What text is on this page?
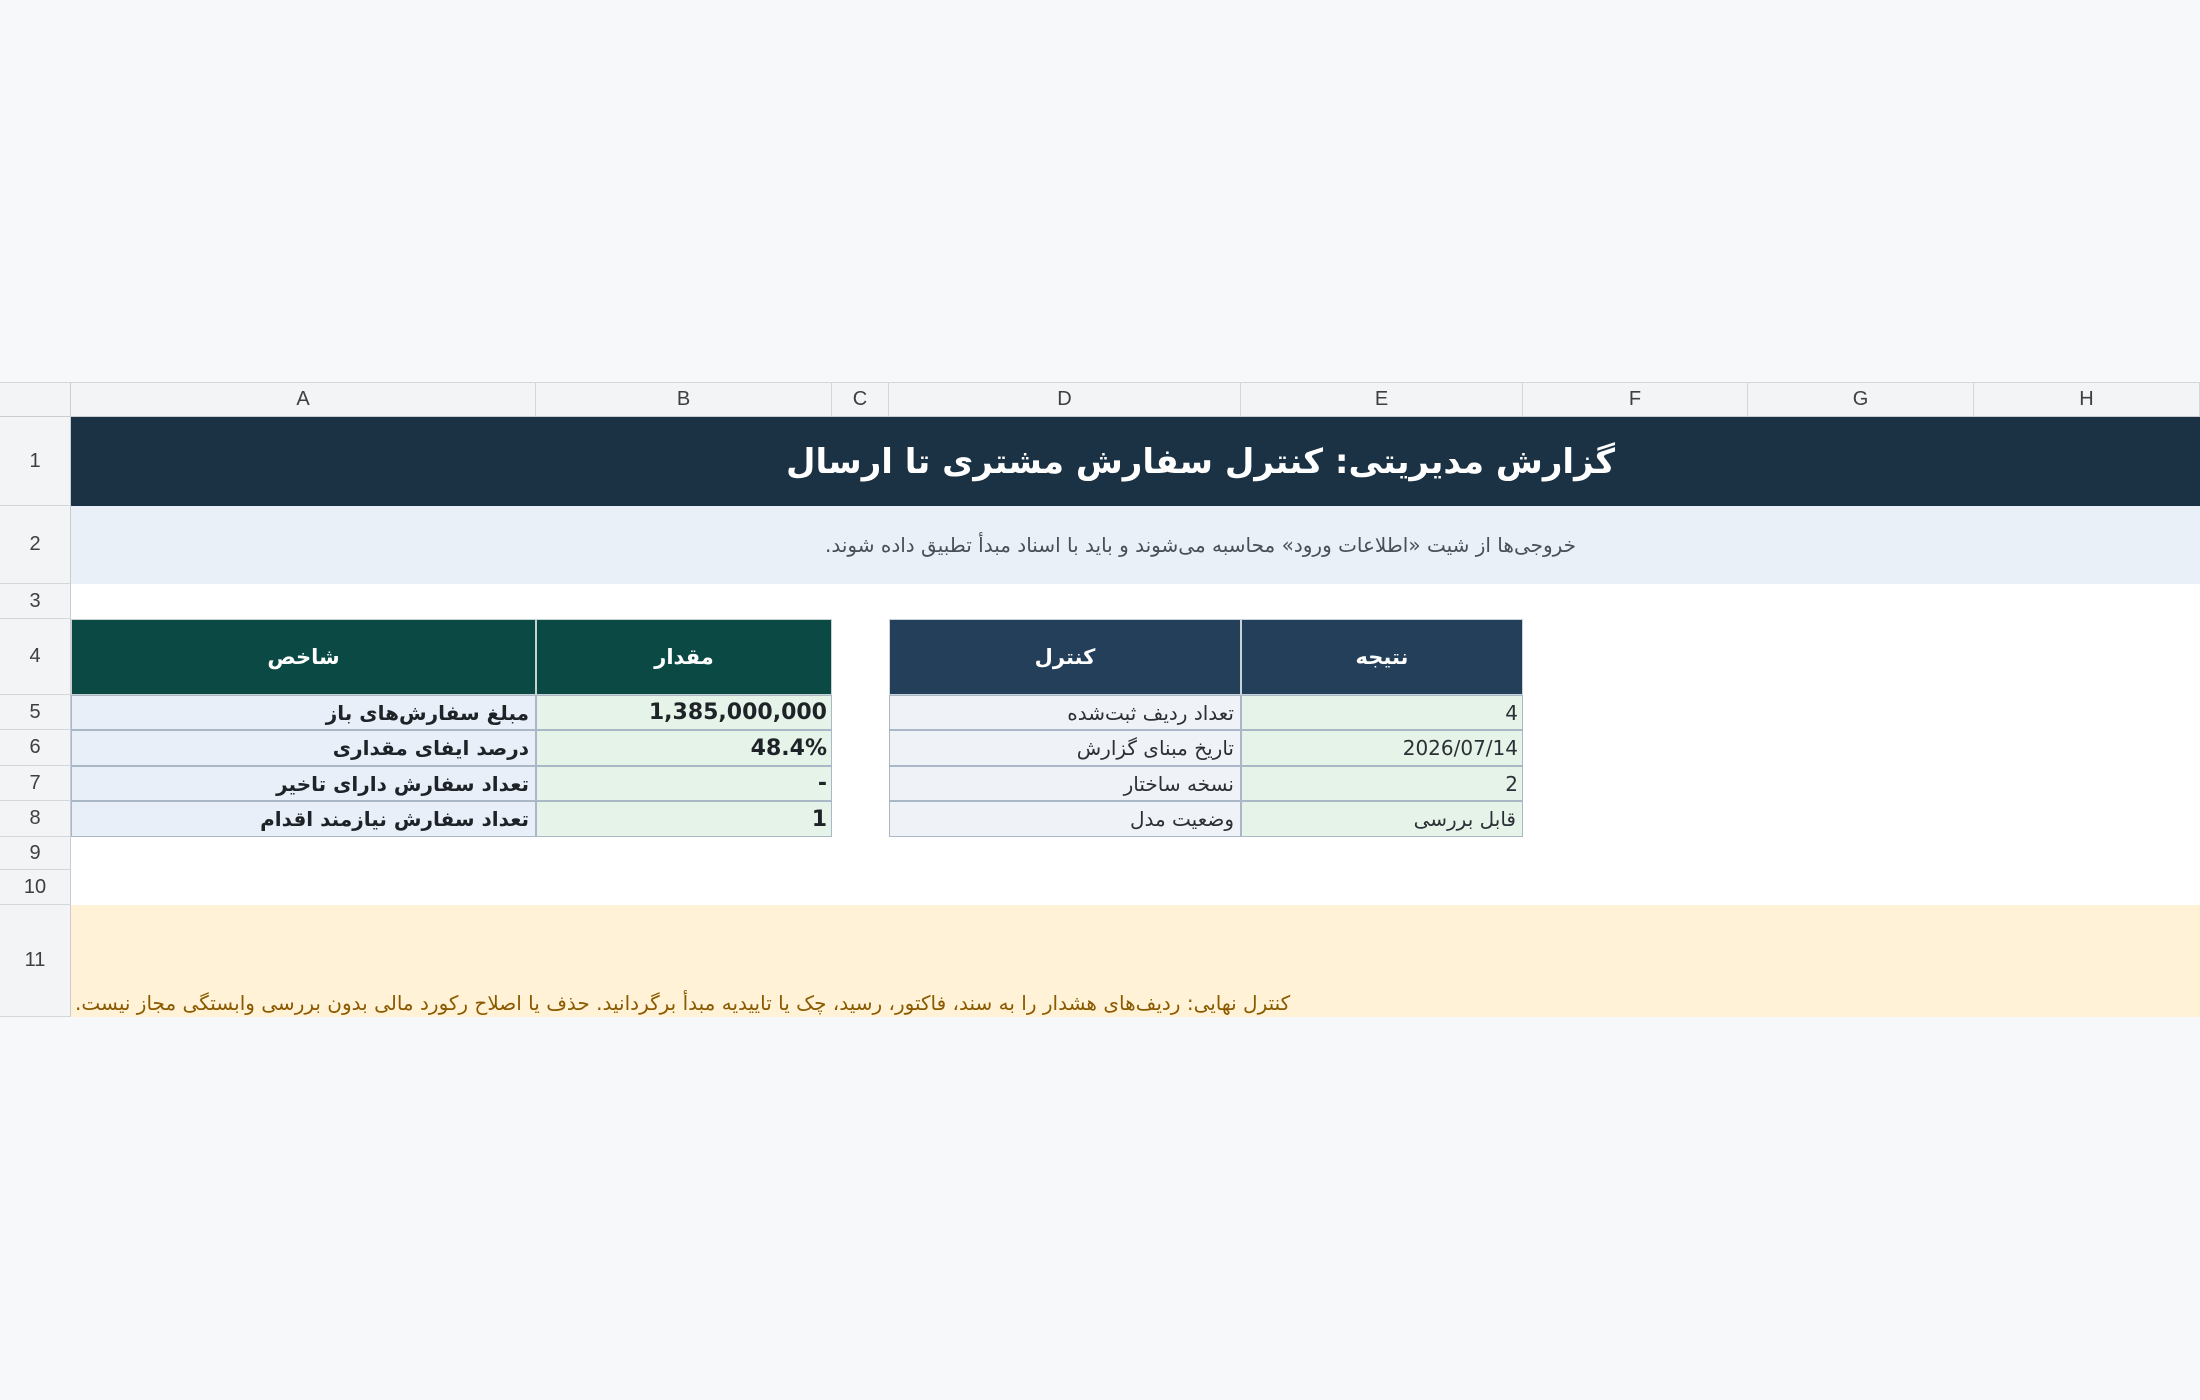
A	B	C	D	E	F	G	H
1
2
3
4
5
6
7
8
9
10
11
گزارش مدیریتی: کنترل سفارش مشتری تا ارسال
خروجی‌ها از شیت «اطلاعات ورود» محاسبه می‌شوند و باید با اسناد مبدأ تطبیق داده شوند.
شاخص	مقدار
مبلغ سفارش‌های باز	1,385,000,000
درصد ایفای مقداری	48.4%
تعداد سفارش دارای تاخیر	-
تعداد سفارش نیازمند اقدام	1
کنترل	نتیجه
تعداد ردیف ثبت‌شده	4
تاریخ مبنای گزارش	2026/07/14
نسخه ساختار	2
وضعیت مدل	قابل بررسی
کنترل نهایی: ردیف‌های هشدار را به سند، فاکتور، رسید، چک یا تاییدیه مبدأ برگردانید. حذف یا اصلاح رکورد مالی بدون بررسی وابستگی مجاز نیست.
